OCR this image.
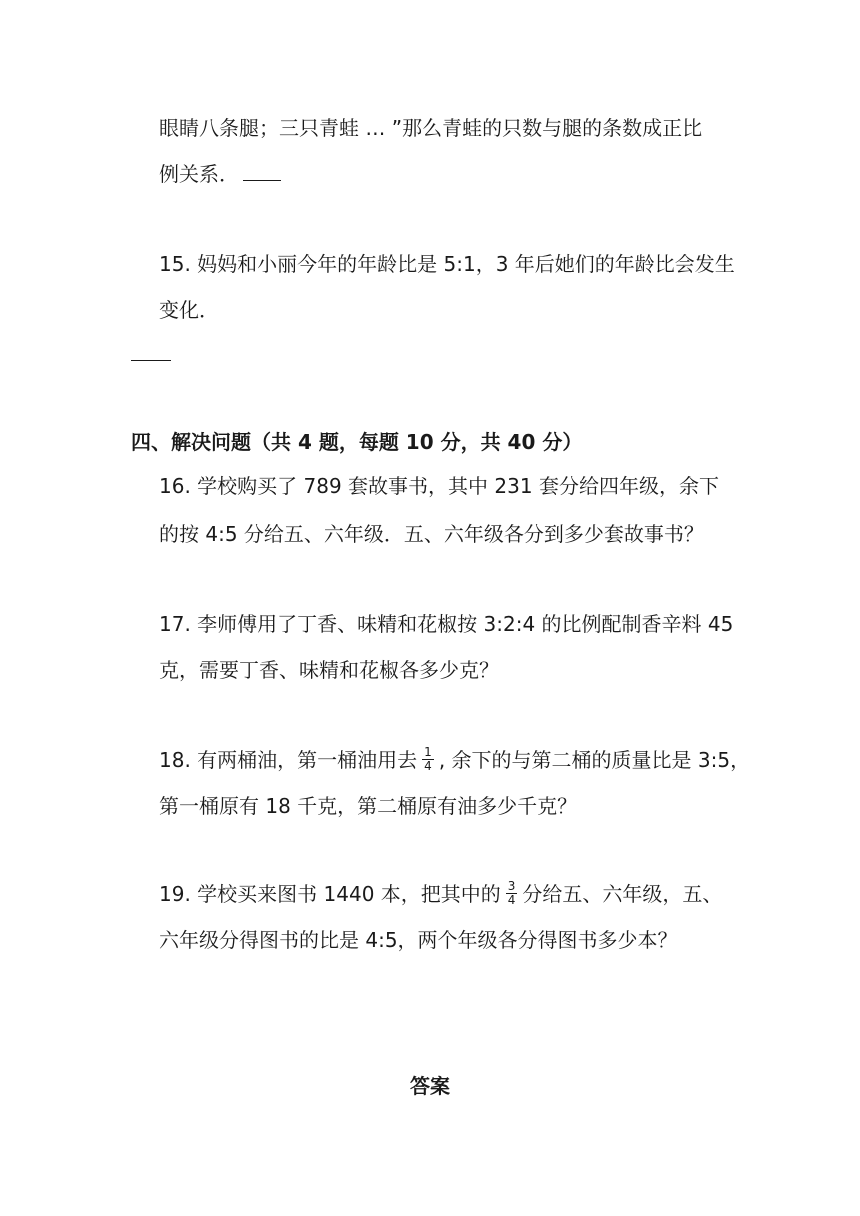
眼睛八条腿；三只青蛙 … ”那么青蛙的只数与腿的条数成正比
例关系．
15. 妈妈和小丽今年的年龄比是 5:1，3 年后她们的年龄比会发生
变化．
四、解决问题（共 4 题，每题 10 分，共 40 分）
16. 学校购买了 789 套故事书，其中 231 套分给四年级，余下
的按 4:5 分给五、六年级．五、六年级各分到多少套故事书？
17. 李师傅用了丁香、味精和花椒按 3:2:4 的比例配制香辛料 45
克，需要丁香、味精和花椒各多少克？
18. 有两桶油，第一桶油用去 $\frac{1}{4}$ , 余下的与第二桶的质量比是 3:5，
第一桶原有 18 千克，第二桶原有油多少千克？
19. 学校买来图书 1440 本，把其中的 $\frac{3}{4}$ 分给五、六年级，五、
六年级分得图书的比是 4:5，两个年级各分得图书多少本？
答案
